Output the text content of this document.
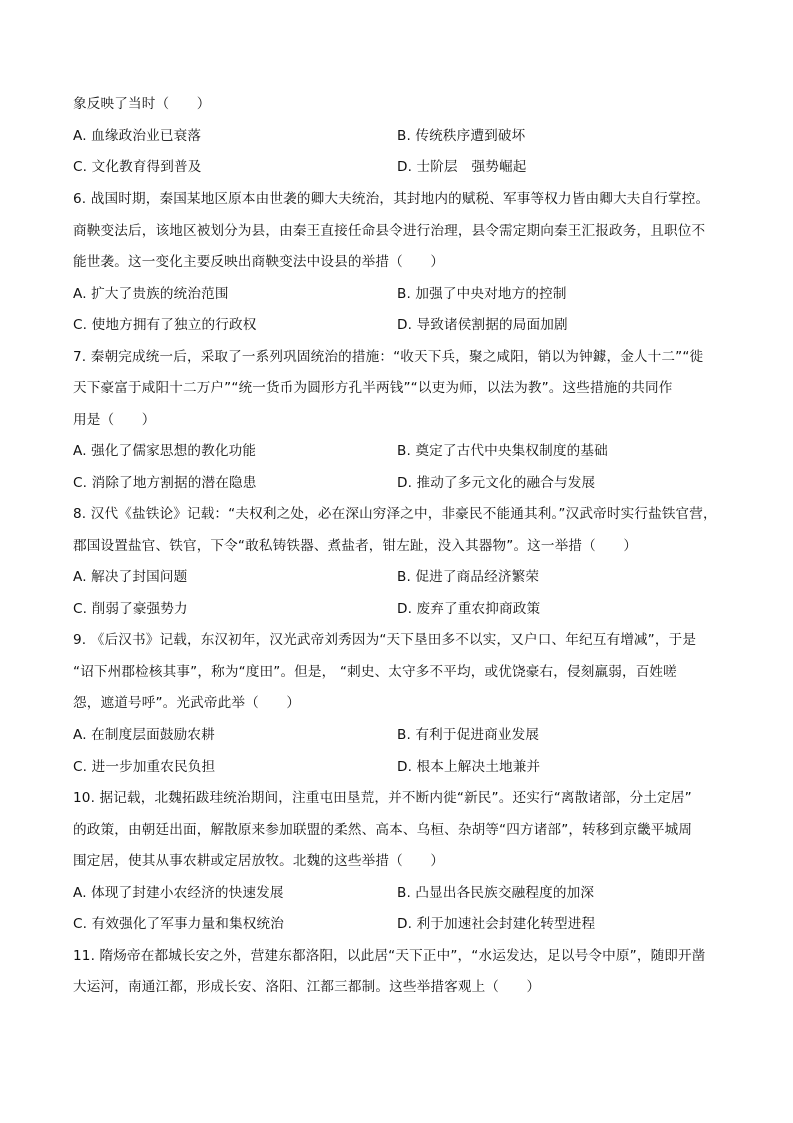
象反映了当时（　　）
A. 血缘政治业已衰落	B. 传统秩序遭到破坏
C. 文化教育得到普及	D. 士阶层　强势崛起
6. 战国时期，秦国某地区原本由世袭的卿大夫统治，其封地内的赋税、军事等权力皆由卿大夫自行掌控。
商鞅变法后，该地区被划分为县，由秦王直接任命县令进行治理，县令需定期向秦王汇报政务，且职位不
能世袭。这一变化主要反映出商鞅变法中设县的举措（　　）
A. 扩大了贵族的统治范围	B. 加强了中央对地方的控制
C. 使地方拥有了独立的行政权	D. 导致诸侯割据的局面加剧
7. 秦朝完成统一后，采取了一系列巩固统治的措施：“收天下兵，聚之咸阳，销以为钟鐻，金人十二”“徙
天下豪富于咸阳十二万户”“统一货币为圆形方孔半两钱”“以吏为师，以法为教”。这些措施的共同作
用是（　　）
A. 强化了儒家思想的教化功能	B. 奠定了古代中央集权制度的基础
C. 消除了地方割据的潜在隐患	D. 推动了多元文化的融合与发展
8. 汉代《盐铁论》记载：“夫权利之处，必在深山穷泽之中，非豪民不能通其利。”汉武帝时实行盐铁官营，
郡国设置盐官、铁官，下令“敢私铸铁器、煮盐者，钳左趾，没入其器物”。这一举措（　　）
A. 解决了封国问题	B. 促进了商品经济繁荣
C. 削弱了豪强势力	D. 废弃了重农抑商政策
9. 《后汉书》记载，东汉初年，汉光武帝刘秀因为“天下垦田多不以实，又户口、年纪互有增减”，于是
“诏下州郡检核其事”，称为“度田”。但是， “刺史、太守多不平均，或优饶豪右，侵刻羸弱，百姓嗟
怨，遮道号呼”。光武帝此举（　　）
A. 在制度层面鼓励农耕	B. 有利于促进商业发展
C. 进一步加重农民负担	D. 根本上解决土地兼并
10. 据记载，北魏拓跋珪统治期间，注重屯田垦荒，并不断内徙“新民”。还实行“离散诸部，分土定居”
的政策，由朝廷出面，解散原来参加联盟的柔然、高本、乌桓、杂胡等“四方诸部”，转移到京畿平城周
围定居，使其从事农耕或定居放牧。北魏的这些举措（　　）
A. 体现了封建小农经济的快速发展	B. 凸显出各民族交融程度的加深
C. 有效强化了军事力量和集权统治	D. 利于加速社会封建化转型进程
11. 隋炀帝在都城长安之外，营建东都洛阳，以此居“天下正中”，“水运发达，足以号令中原”，随即开凿
大运河，南通江都，形成长安、洛阳、江都三都制。这些举措客观上（　　）
